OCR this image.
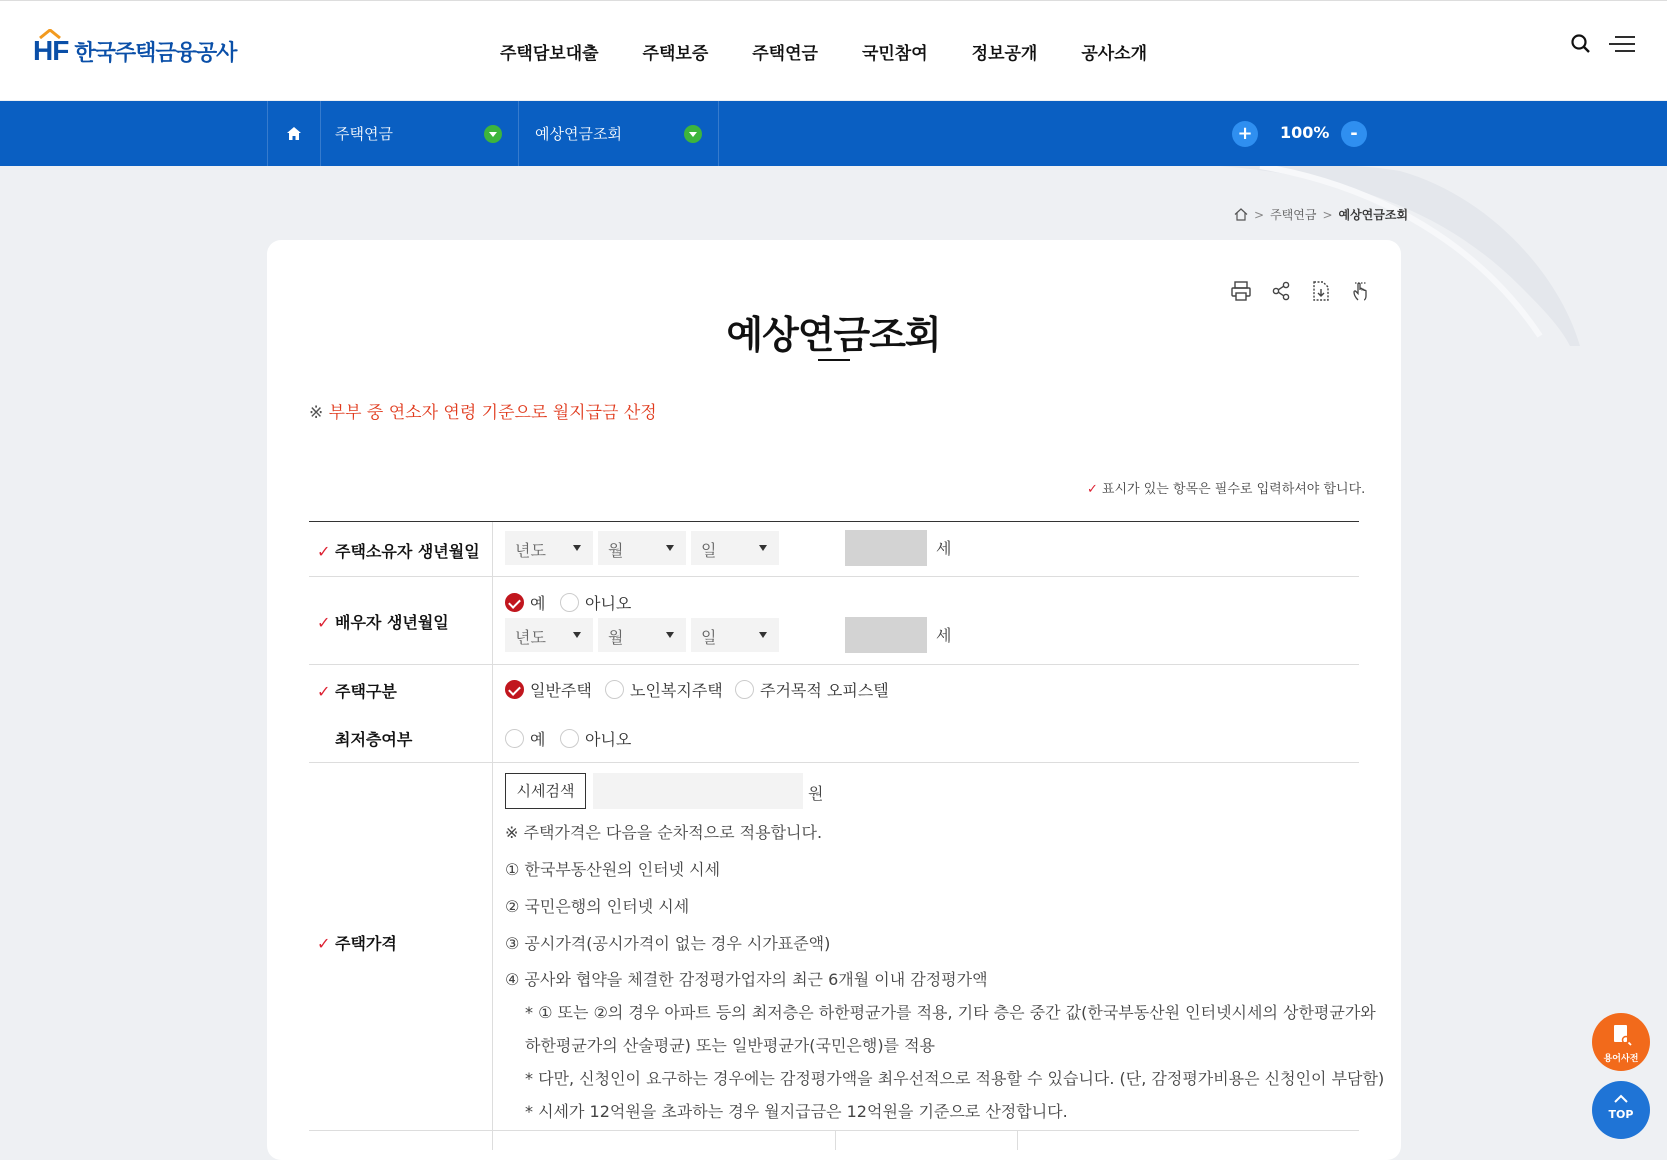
HF 한국주택금융공사	주택담보대출	주택보증	주택연금	국민참여	정보공개	공사소개
주택연금	예상연금조회	+	100%	-
> 주택연금 > 예상연금조회
예상연금조회
※ 부부 중 연소자 연령 기준으로 월지급금 산정
✓ 표시가 있는 항목은 필수로 입력하셔야 합니다.
✓ 주택소유자 생년월일	년도	월	일	세
✓ 배우자 생년월일
예 아니오
년도	월	일	세
✓ 주택구분	일반주택 노인복지주택 주거목적 오피스텔
최저층여부	예 아니오
✓ 주택가격
시세검색	원
※ 주택가격은 다음을 순차적으로 적용합니다.
① 한국부동산원의 인터넷 시세
② 국민은행의 인터넷 시세
③ 공시가격(공시가격이 없는 경우 시가표준액)
④ 공사와 협약을 체결한 감정평가업자의 최근 6개월 이내 감정평가액
* ① 또는 ②의 경우 아파트 등의 최저층은 하한평균가를 적용, 기타 층은 중간 값(한국부동산원 인터넷시세의 상한평균가와
하한평균가의 산술평균) 또는 일반평균가(국민은행)를 적용
* 다만, 신청인이 요구하는 경우에는 감정평가액을 최우선적으로 적용할 수 있습니다. (단, 감정평가비용은 신청인이 부담함)
* 시세가 12억원을 초과하는 경우 월지급금은 12억원을 기준으로 산정합니다.
용어사전
TOP
